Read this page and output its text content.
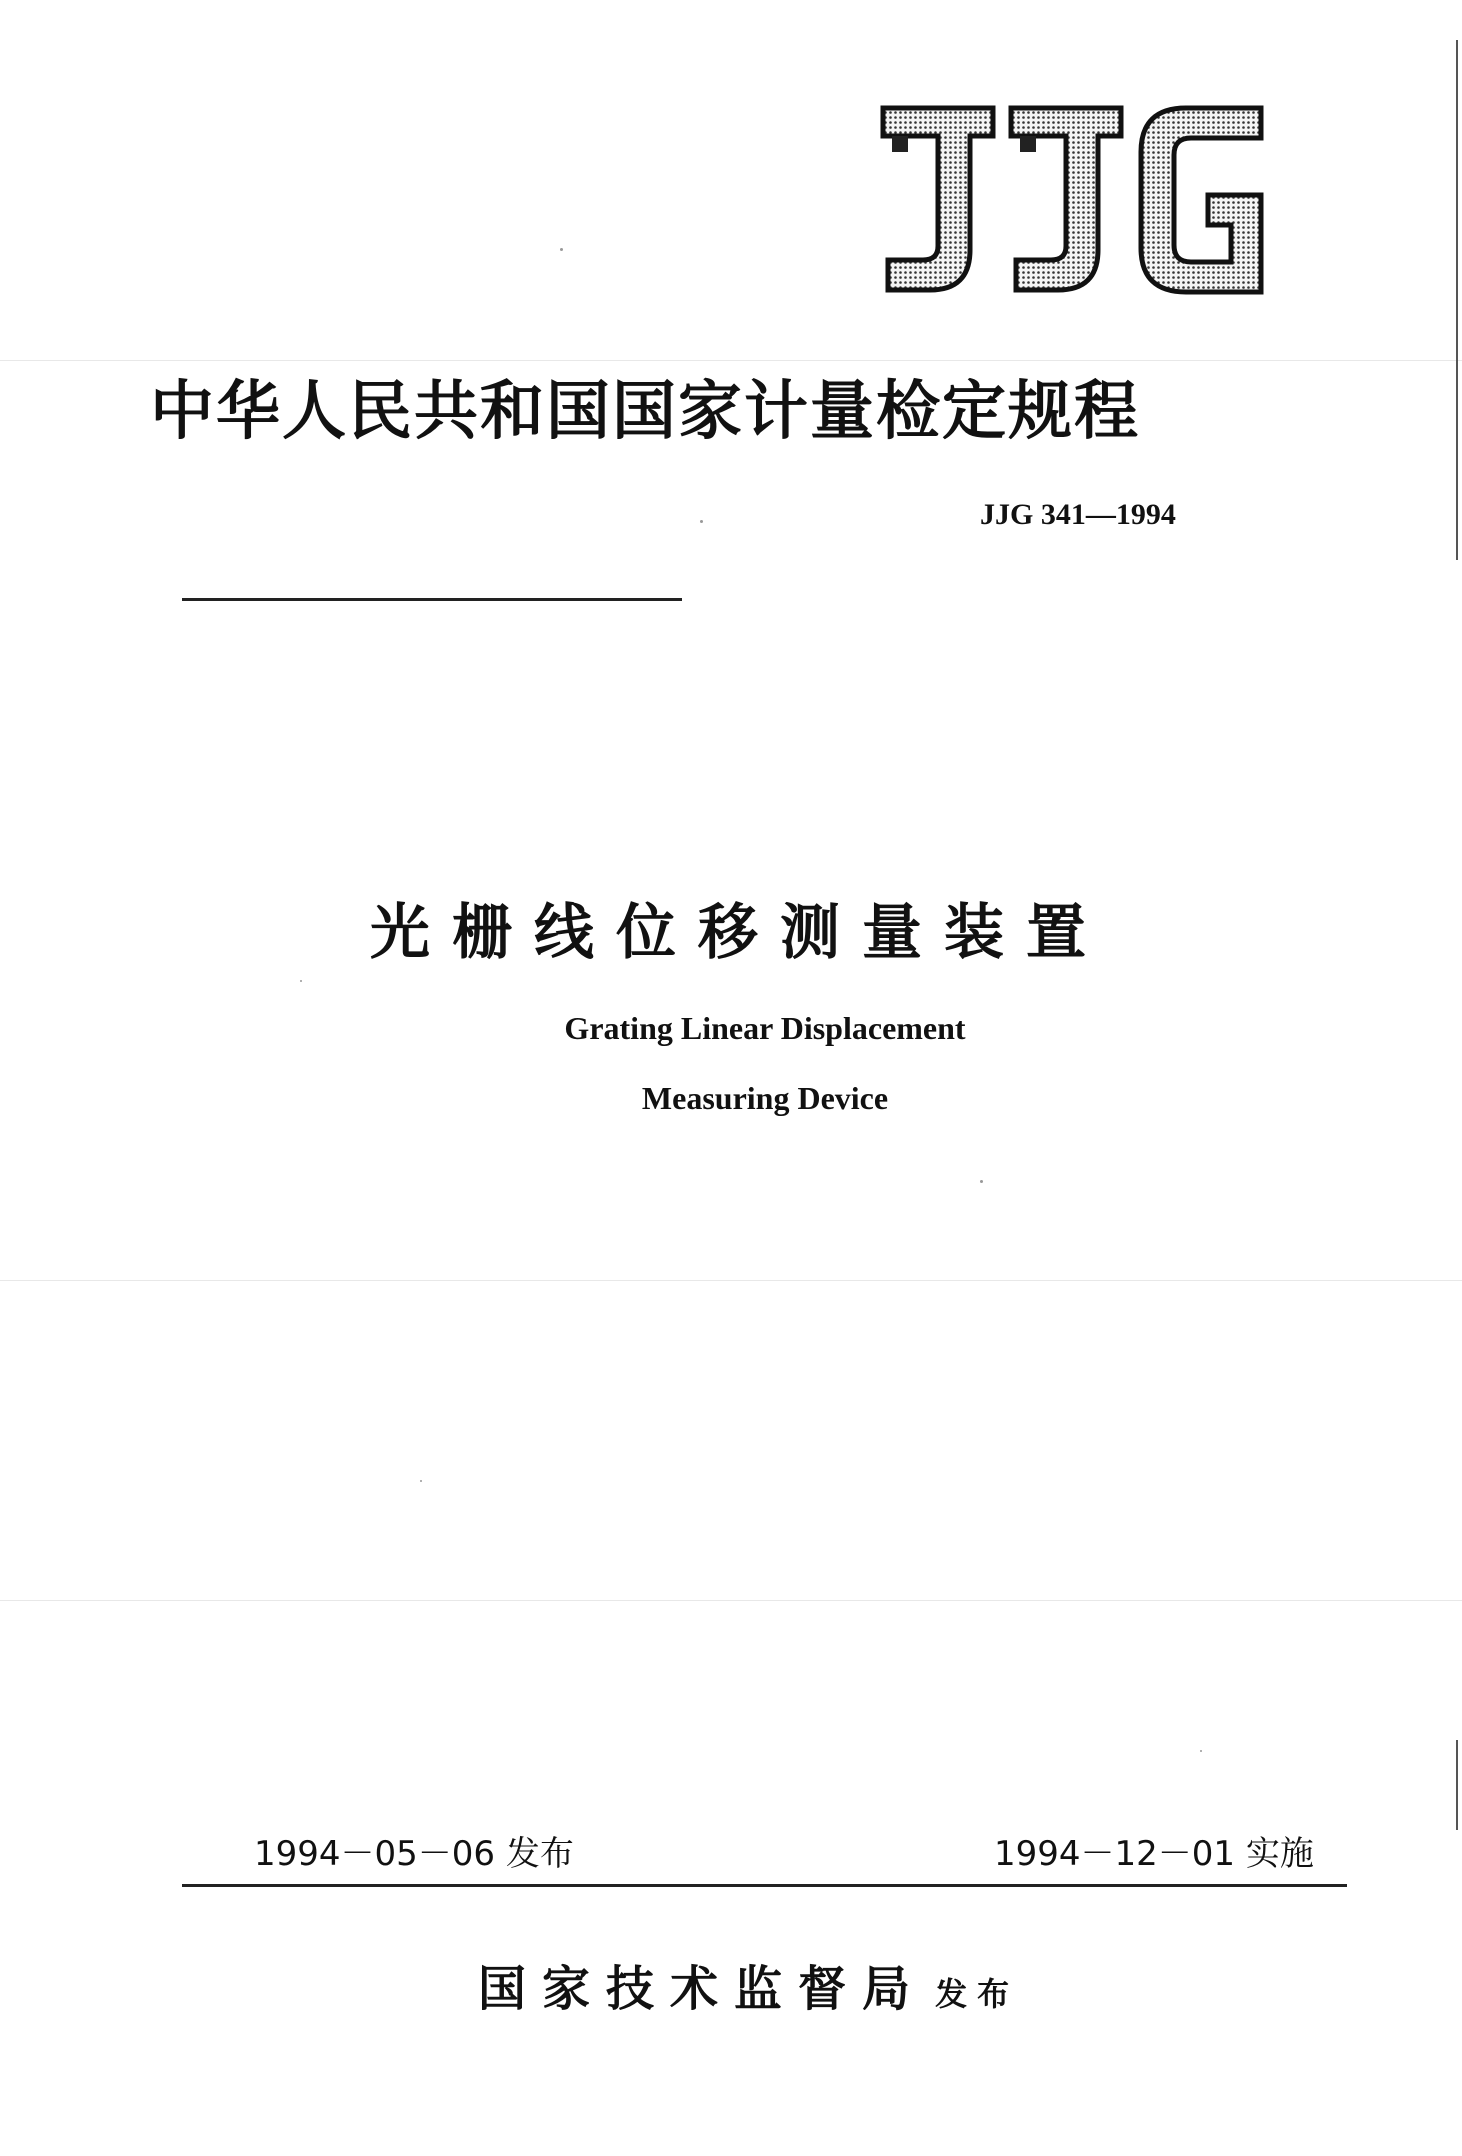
中华人民共和国国家计量检定规程
JJG 341—1994
光栅线位移测量装置
Grating Linear Displacement
Measuring Device
1994－05－06 发布	1994－12－01 实施
国家技术监督局 发布
